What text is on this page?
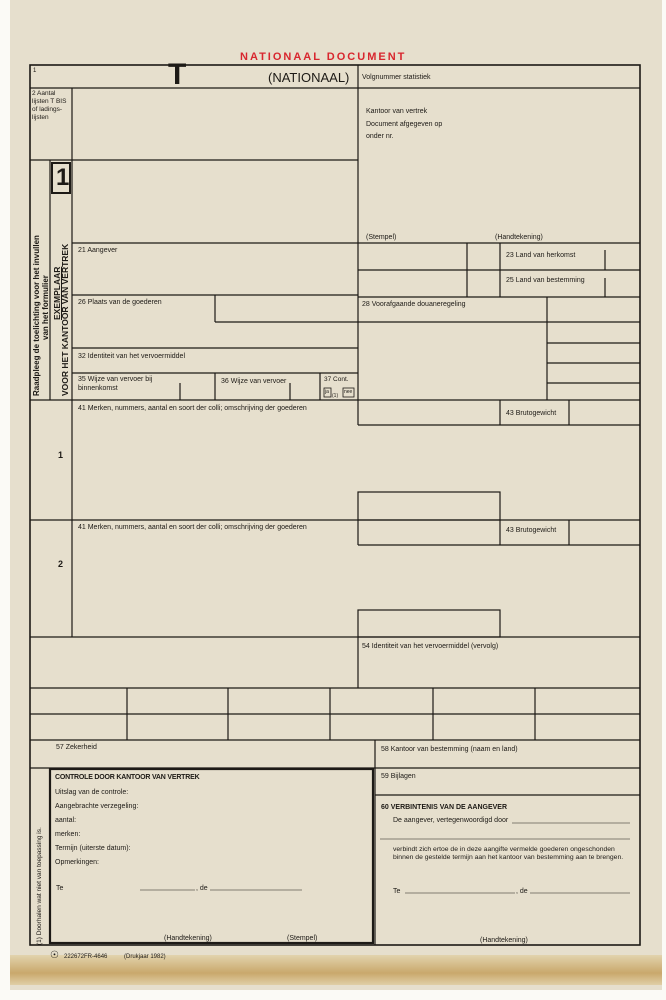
NATIONAAL DOCUMENT
1	T	(NATIONAAL) Volgnummer statistiek
2 Aantal lijsten T BIS of ladings- lijsten
Kantoor van vertrek
Document afgegeven op
onder nr.
(Stempel)	(Handtekening)
Raadpleeg de toelichting voor het invullen van het formulier
1
EXEMPLAAR
VOOR HET KANTOOR VAN VERTREK 21 Aangever
23 Land van herkomst
25 Land van bestemming
26 Plaats van de goederen	28 Voorafgaande douaneregeling
32 Identiteit van het vervoermiddel
35 Wijze van vervoer bij binnenkomst
36 Wijze van vervoer	37 Cont.
ja	nee
(1)
41 Merken, nummers, aantal en soort der colli; omschrijving der goederen
43 Brutogewicht
1
41 Merken, nummers, aantal en soort der colli; omschrijving der goederen	43 Brutogewicht
2
54 Identiteit van het vervoermiddel (vervolg)
57 Zekerheid	58 Kantoor van bestemming (naam en land)
59 Bijlagen
CONTROLE DOOR KANTOOR VAN VERTREK
Uitslag van de controle:
Aangebrachte verzegeling:
aantal:
merken:
Termijn (uiterste datum):
Opmerkingen:
Te	, de
(Handtekening)	(Stempel)
60 VERBINTENIS VAN DE AANGEVER
De aangever, vertegenwoordigd door
verbindt zich ertoe de in deze aangifte vermelde goederen ongeschonden
binnen de gestelde termijn aan het kantoor van bestemming aan te brengen.
Te	, de
(Handtekening)
(1) Doorhalen wat niet van toepassing is.
☉ 222672FR-4646	(Drukjaar 1982)
